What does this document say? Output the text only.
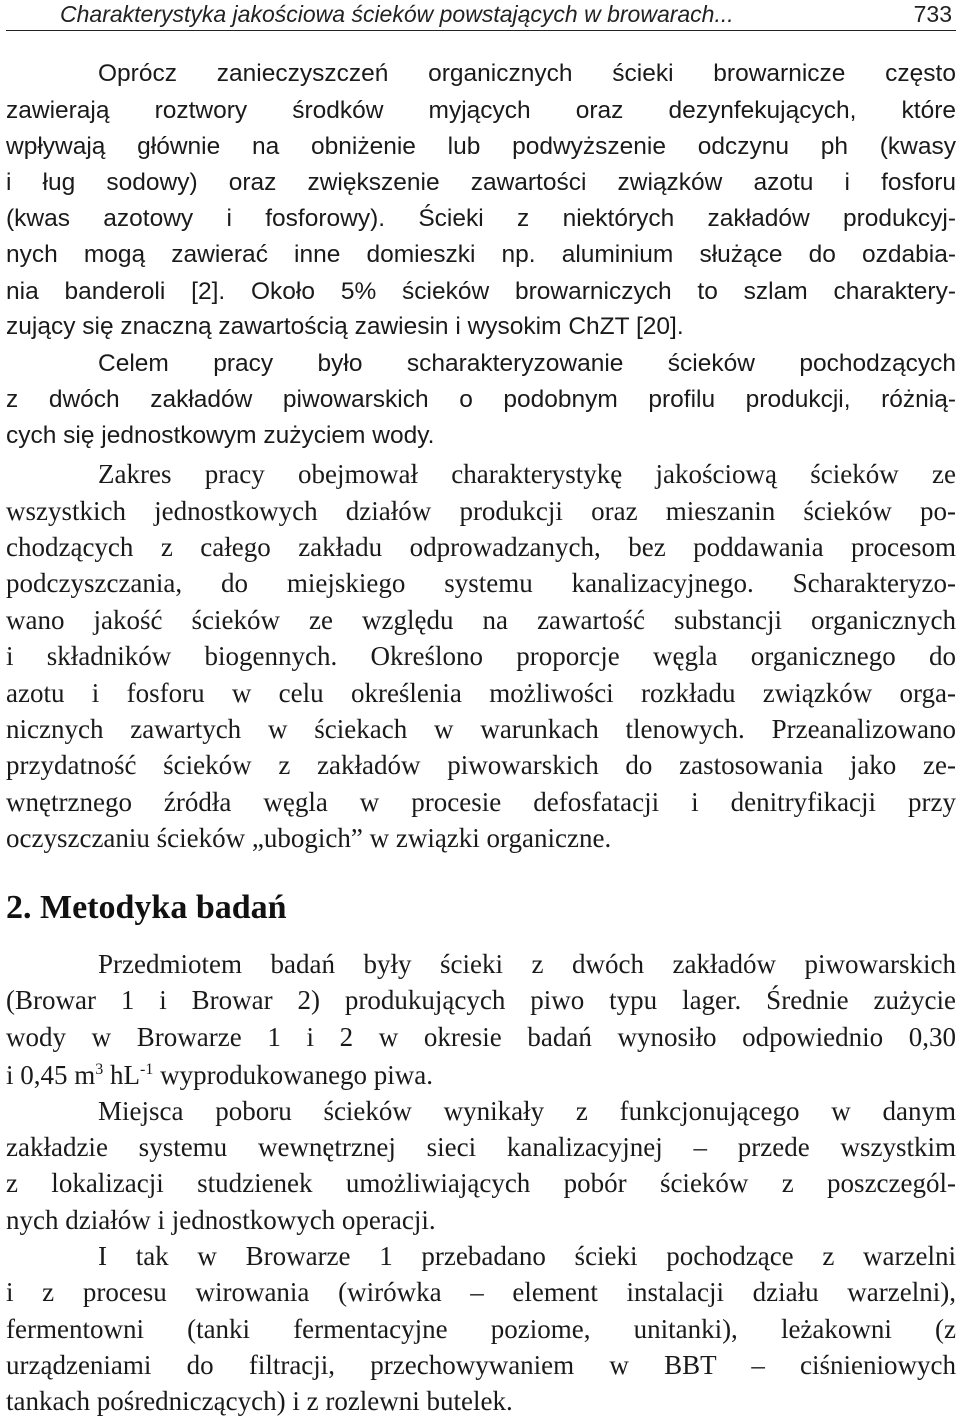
Charakterystyka jakościowa ścieków powstających w browarach...	733
Oprócz zanieczyszczeń organicznych ścieki browarnicze często
zawierają roztwory środków myjących oraz dezynfekujących, które
wpływają głównie na obniżenie lub podwyższenie odczynu ph (kwasy
i ług sodowy) oraz zwiększenie zawartości związków azotu i fosforu
(kwas azotowy i fosforowy). Ścieki z niektórych zakładów produkcyj-
nych mogą zawierać inne domieszki np. aluminium służące do ozdabia-
nia banderoli [2]. Około 5% ścieków browarniczych to szlam charaktery-
zujący się znaczną zawartością zawiesin i wysokim ChZT [20].
Celem pracy było scharakteryzowanie ścieków pochodzących
z dwóch zakładów piwowarskich o podobnym profilu produkcji, różnią-
cych się jednostkowym zużyciem wody.
Zakres pracy obejmował charakterystykę jakościową ścieków ze
wszystkich jednostkowych działów produkcji oraz mieszanin ścieków po-
chodzących z całego zakładu odprowadzanych, bez poddawania procesom
podczyszczania, do miejskiego systemu kanalizacyjnego. Scharakteryzo-
wano jakość ścieków ze względu na zawartość substancji organicznych
i składników biogennych. Określono proporcje węgla organicznego do
azotu i fosforu w celu określenia możliwości rozkładu związków orga-
nicznych zawartych w ściekach w warunkach tlenowych. Przeanalizowano
przydatność ścieków z zakładów piwowarskich do zastosowania jako ze-
wnętrznego źródła węgla w procesie defosfatacji i denitryfikacji przy
oczyszczaniu ścieków „ubogich” w związki organiczne.
2. Metodyka badań
Przedmiotem badań były ścieki z dwóch zakładów piwowarskich
(Browar 1 i Browar 2) produkujących piwo typu lager. Średnie zużycie
wody w Browarze 1 i 2 w okresie badań wynosiło odpowiednio 0,30
i 0,45 $m^3$ $hL^{-1}$ wyprodukowanego piwa.
Miejsca poboru ścieków wynikały z funkcjonującego w danym
zakładzie systemu wewnętrznej sieci kanalizacyjnej – przede wszystkim
z lokalizacji studzienek umożliwiających pobór ścieków z poszczegól-
nych działów i jednostkowych operacji.
I tak w Browarze 1 przebadano ścieki pochodzące z warzelni
i z procesu wirowania (wirówka – element instalacji działu warzelni),
fermentowni (tanki fermentacyjne poziome, unitanki), leżakowni (z
urządzeniami do filtracji, przechowywaniem w BBT – ciśnieniowych
tankach pośredniczących) i z rozlewni butelek.
